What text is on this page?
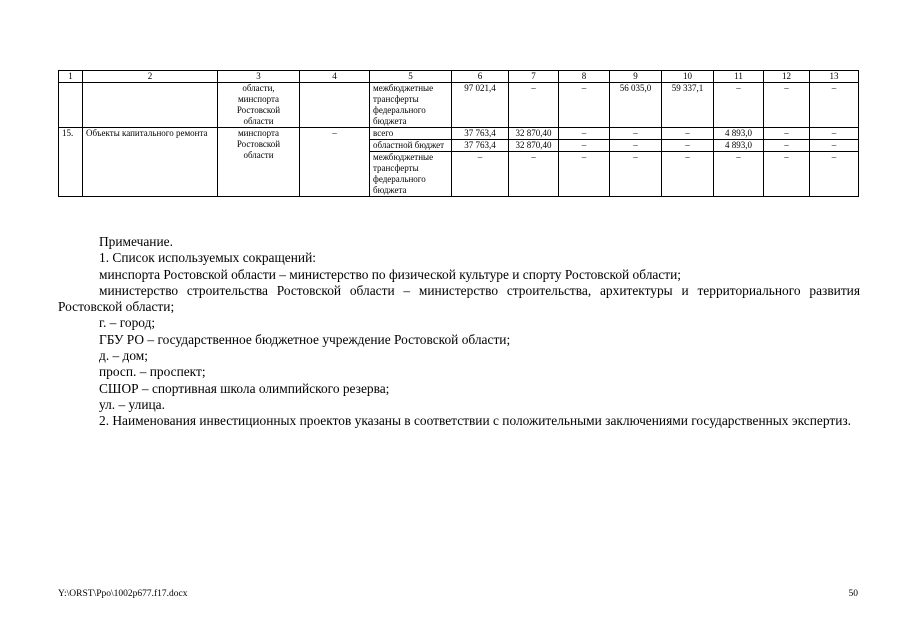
1	2	3	4	5	6	7	8	9	10	11	12	13
		области, минспорта Ростовской области		межбюджетные трансферты федерального бюджета	97 021,4	–	–	56 035,0	59 337,1	–	–	–
15.	Объекты капитального ремонта	минспорта Ростовской области	–	всего	37 763,4	32 870,40	–	–	–	4 893,0	–	–
				областной бюджет	37 763,4	32 870,40	–	–	–	4 893,0	–	–
				межбюджетные трансферты федерального бюджета	–	–	–	–	–	–	–	–

Примечание.

1. Список используемых сокращений:

минспорта Ростовской области – министерство по физической культуре и спорту Ростовской области;

министерство строительства Ростовской области – министерство строительства, архитектуры и территориального развития Ростовской области;

г. – город;

ГБУ РО – государственное бюджетное учреждение Ростовской области;

д. – дом;

просп. – проспект;

СШОР – спортивная школа олимпийского резерва;

ул. – улица.

2. Наименования инвестиционных проектов указаны в соответствии с положительными заключениями государственных экспертиз.

Y:\ORST\Ppo\1002p677.f17.docx	50
